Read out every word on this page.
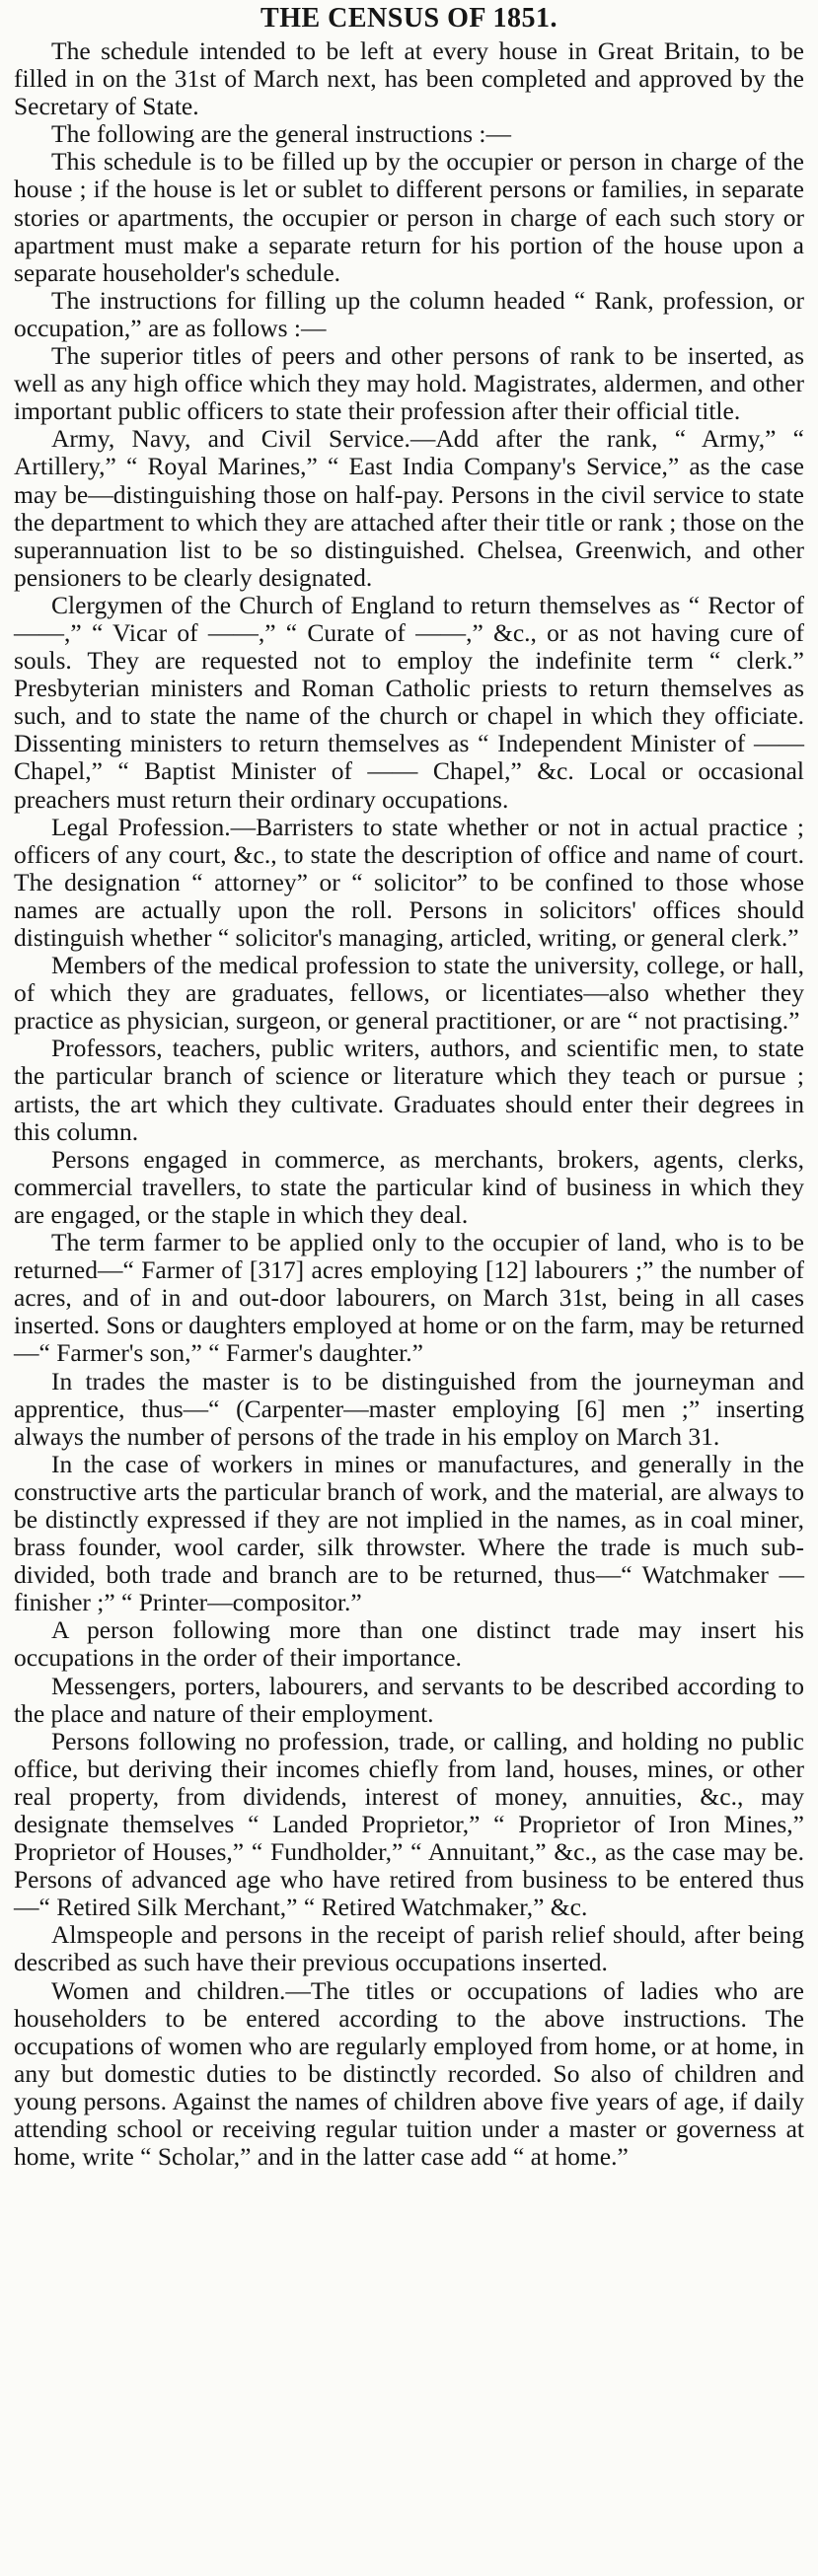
THE CENSUS OF 1851.

The schedule intended to be left at every house in Great Britain, to be filled in on the 31st of March next, has been completed and approved by the Secretary of State.

The following are the general instructions :—

This schedule is to be filled up by the occupier or person in charge of the house ; if the house is let or sublet to different persons or families, in separate stories or apartments, the occupier or person in charge of each such story or apartment must make a separate return for his portion of the house upon a separate householder's schedule.

The instructions for filling up the column headed “ Rank, profession, or occupation,” are as follows :—

The superior titles of peers and other persons of rank to be inserted, as well as any high office which they may hold. Magistrates, aldermen, and other important public officers to state their profession after their official title.

Army, Navy, and Civil Service.—Add after the rank, “ Army,” “ Artillery,” “ Royal Marines,” “ East India Company's Service,” as the case may be—distinguishing those on half-pay. Persons in the civil service to state the department to which they are attached after their title or rank ; those on the superannuation list to be so distinguished. Chelsea, Greenwich, and other pensioners to be clearly designated.

Clergymen of the Church of England to return themselves as “ Rector of ——,” “ Vicar of ——,” “ Curate of ——,” &c., or as not having cure of souls. They are requested not to employ the indefinite term “ clerk.” Presbyterian ministers and Roman Catholic priests to return themselves as such, and to state the name of the church or chapel in which they officiate. Dissenting ministers to return themselves as “ Independent Minister of —— Chapel,” “ Baptist Minister of —— Chapel,” &c. Local or occasional preachers must return their ordinary occupations.

Legal Profession.—Barristers to state whether or not in actual practice ; officers of any court, &c., to state the description of office and name of court. The designation “ attorney” or “ solicitor” to be confined to those whose names are actually upon the roll. Persons in solicitors' offices should distinguish whether “ solicitor's managing, articled, writing, or general clerk.”

Members of the medical profession to state the university, college, or hall, of which they are graduates, fellows, or licentiates—also whether they practice as physician, surgeon, or general practitioner, or are “ not practising.”

Professors, teachers, public writers, authors, and scientific men, to state the particular branch of science or literature which they teach or pursue ; artists, the art which they cultivate. Graduates should enter their degrees in this column.

Persons engaged in commerce, as merchants, brokers, agents, clerks, commercial travellers, to state the particular kind of business in which they are engaged, or the staple in which they deal.

The term farmer to be applied only to the occupier of land, who is to be returned—“ Farmer of [317] acres employing [12] labourers ;” the number of acres, and of in and out-door labourers, on March 31st, being in all cases inserted. Sons or daughters employed at home or on the farm, may be returned—“ Farmer's son,” “ Farmer's daughter.”

In trades the master is to be distinguished from the journeyman and apprentice, thus—“ (Carpenter—master employing [6] men ;” inserting always the number of persons of the trade in his employ on March 31.

In the case of workers in mines or manufactures, and generally in the constructive arts the particular branch of work, and the material, are always to be distinctly expressed if they are not implied in the names, as in coal miner, brass founder, wool carder, silk throwster. Where the trade is much sub-divided, both trade and branch are to be returned, thus—“ Watchmaker —finisher ;” “ Printer—compositor.”

A person following more than one distinct trade may insert his occupations in the order of their importance.

Messengers, porters, labourers, and servants to be described according to the place and nature of their employment.

Persons following no profession, trade, or calling, and holding no public office, but deriving their incomes chiefly from land, houses, mines, or other real property, from dividends, interest of money, annuities, &c., may designate themselves “ Landed Proprietor,” “ Proprietor of Iron Mines,” Proprietor of Houses,” “ Fundholder,” “ Annuitant,” &c., as the case may be. Persons of advanced age who have retired from business to be entered thus—“ Retired Silk Merchant,” “ Retired Watchmaker,” &c.

Almspeople and persons in the receipt of parish relief should, after being described as such have their previous occupations inserted.

Women and children.—The titles or occupations of ladies who are householders to be entered according to the above instructions. The occupations of women who are regularly employed from home, or at home, in any but domestic duties to be distinctly recorded. So also of children and young persons. Against the names of children above five years of age, if daily attending school or receiving regular tuition under a master or governess at home, write “ Scholar,” and in the latter case add “ at home.”
